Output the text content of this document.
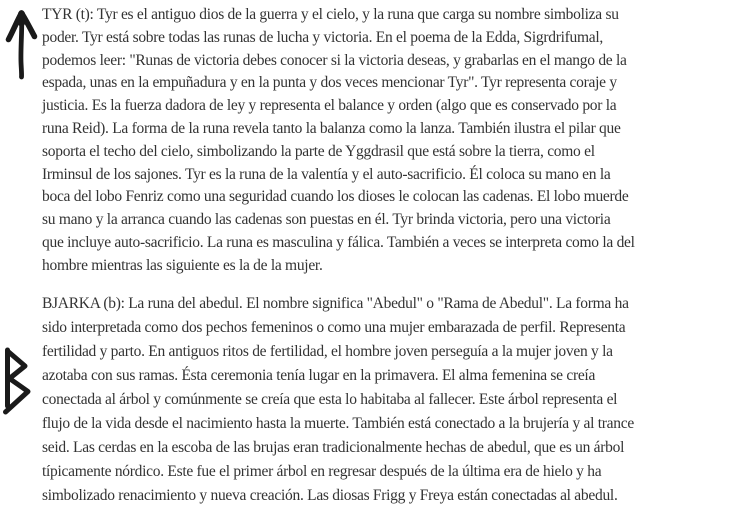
TYR (t): Tyr es el antiguo dios de la guerra y el cielo, y la runa que carga su nombre simboliza su
poder. Tyr está sobre todas las runas de lucha y victoria. En el poema de la Edda, Sigrdrifumal,
podemos leer: "Runas de victoria debes conocer si la victoria deseas, y grabarlas en el mango de la
espada, unas en la empuñadura y en la punta y dos veces mencionar Tyr". Tyr representa coraje y
justicia. Es la fuerza dadora de ley y representa el balance y orden (algo que es conservado por la
runa Reid). La forma de la runa revela tanto la balanza como la lanza. También ilustra el pilar que
soporta el techo del cielo, simbolizando la parte de Yggdrasil que está sobre la tierra, como el
Irminsul de los sajones. Tyr es la runa de la valentía y el auto-sacrificio. Él coloca su mano en la
boca del lobo Fenriz como una seguridad cuando los dioses le colocan las cadenas. El lobo muerde
su mano y la arranca cuando las cadenas son puestas en él. Tyr brinda victoria, pero una victoria
que incluye auto-sacrificio. La runa es masculina y fálica. También a veces se interpreta como la del
hombre mientras las siguiente es la de la mujer.
BJARKA (b): La runa del abedul. El nombre significa "Abedul" o "Rama de Abedul". La forma ha
sido interpretada como dos pechos femeninos o como una mujer embarazada de perfil. Representa
fertilidad y parto. En antiguos ritos de fertilidad, el hombre joven perseguía a la mujer joven y la
azotaba con sus ramas. Ésta ceremonia tenía lugar en la primavera. El alma femenina se creía
conectada al árbol y comúnmente se creía que esta lo habitaba al fallecer. Este árbol representa el
flujo de la vida desde el nacimiento hasta la muerte. También está conectado a la brujería y al trance
seid. Las cerdas en la escoba de las brujas eran tradicionalmente hechas de abedul, que es un árbol
típicamente nórdico. Este fue el primer árbol en regresar después de la última era de hielo y ha
simbolizado renacimiento y nueva creación. Las diosas Frigg y Freya están conectadas al abedul.
